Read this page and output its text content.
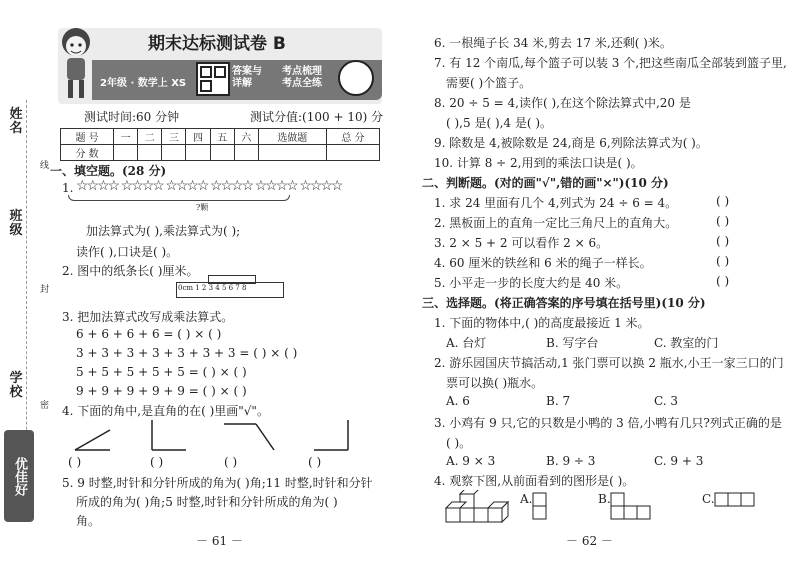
姓名
线
班级
封
学校
密
优佳好
期末达标测试卷 B
2年级 · 数学上 XS
答案与详解
考点梳理 考点全练
测试时间:60 分钟	测试分值:(100 + 10) 分
题 号	一	二	三	四	五	六	选做题	总 分
分 数								
一、填空题。(28 分)
1. ☆☆☆☆ ☆☆☆☆ ☆☆☆☆ ☆☆☆☆ ☆☆☆☆ ☆☆☆☆
?颗
加法算式为( ),乘法算式为( );
读作( ),口诀是( )。
2. 图中的纸条长( )厘米。
0cm 1 2 3 4 5 6 7 8
3. 把加法算式改写成乘法算式。
6 + 6 + 6 + 6 = ( ) × ( )
3 + 3 + 3 + 3 + 3 + 3 + 3 = ( ) × ( )
5 + 5 + 5 + 5 + 5 = ( ) × ( )
9 + 9 + 9 + 9 + 9 = ( ) × ( )
4. 下面的角中,是直角的在( )里画"√"。
( )	( )	( )	( )
5. 9 时整,时针和分针所成的角为( )角;11 时整,时针和分针
所成的角为( )角;5 时整,时针和分针所成的角为( )
角。
－ 61 －
6. 一根绳子长 34 米,剪去 17 米,还剩( )米。
7. 有 12 个南瓜,每个篮子可以装 3 个,把这些南瓜全部装到篮子里,
需要( )个篮子。
8. 20 ÷ 5 = 4,读作( ),在这个除法算式中,20 是
( ),5 是( ),4 是( )。
9. 除数是 4,被除数是 24,商是 6,列除法算式为( )。
10. 计算 8 ÷ 2,用到的乘法口诀是( )。
二、判断题。(对的画"√",错的画"×")(10 分)
1. 求 24 里面有几个 4,列式为 24 ÷ 6 = 4。	( )
2. 黑板面上的直角一定比三角尺上的直角大。	( )
3. 2 × 5 + 2 可以看作 2 × 6。	( )
4. 60 厘米的铁丝和 6 米的绳子一样长。	( )
5. 小平走一步的长度大约是 40 米。	( )
三、选择题。(将正确答案的序号填在括号里)(10 分)
1. 下面的物体中,( )的高度最接近 1 米。
A. 台灯	B. 写字台	C. 教室的门
2. 游乐园国庆节搞活动,1 张门票可以换 2 瓶水,小王一家三口的门
票可以换( )瓶水。
A. 6	B. 7	C. 3
3. 小鸡有 9 只,它的只数是小鸭的 3 倍,小鸭有几只?列式正确的是
( )。
A. 9 × 3	B. 9 ÷ 3	C. 9 + 3
4. 观察下图,从前面看到的图形是( )。
A.	B.	C.
－ 62 －
